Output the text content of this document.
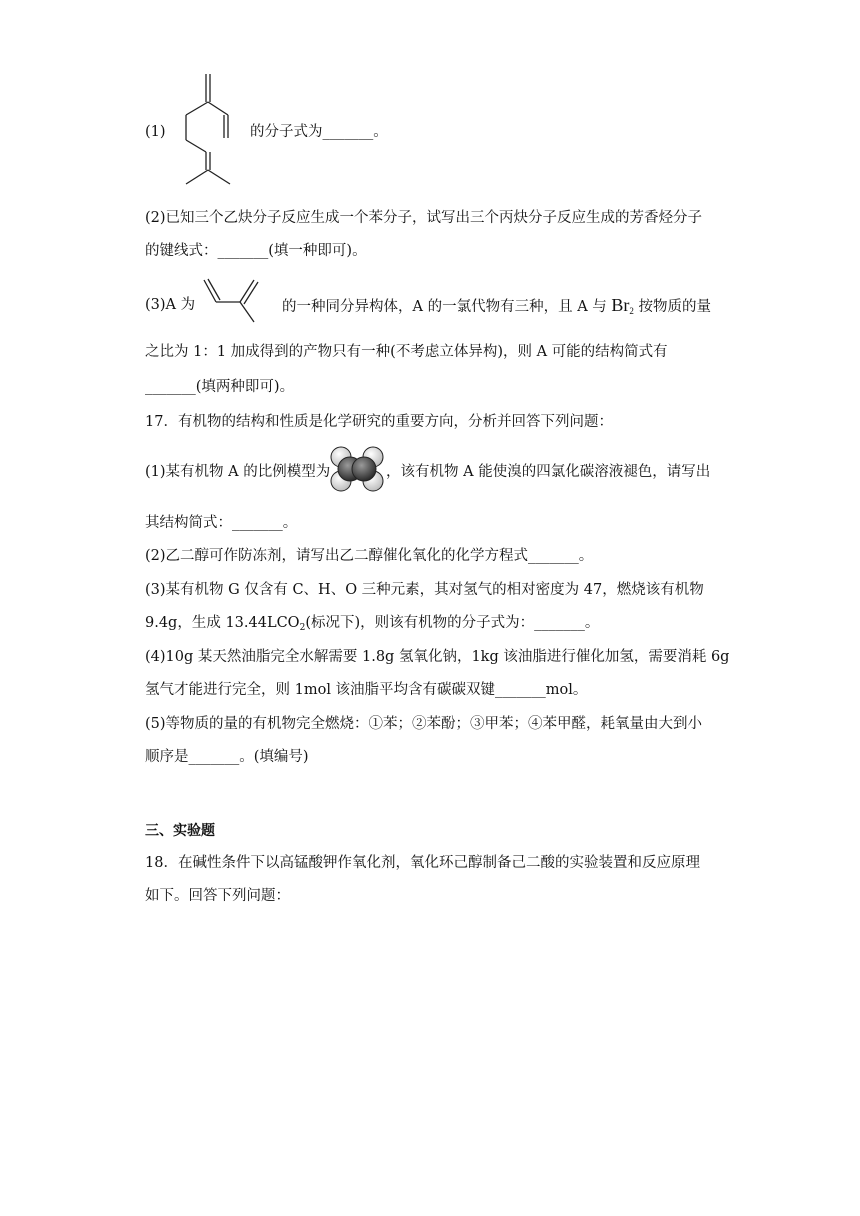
(1)	的分子式为_______。
(2)已知三个乙炔分子反应生成一个苯分子，试写出三个丙炔分子反应生成的芳香烃分子
的键线式：_______(填一种即可)。
(3)A 为	的一种同分异构体，A 的一氯代物有三种，且 A 与 $Br_2$ 按物质的量
之比为 1：1 加成得到的产物只有一种(不考虑立体异构)，则 A 可能的结构简式有
_______(填两种即可)。
17．有机物的结构和性质是化学研究的重要方向，分析并回答下列问题：
(1)某有机物 A 的比例模型为	，该有机物 A 能使溴的四氯化碳溶液褪色，请写出
其结构简式：_______。
(2)乙二醇可作防冻剂，请写出乙二醇催化氧化的化学方程式_______。
(3)某有机物 G 仅含有 C、H、O 三种元素，其对氢气的相对密度为 47，燃烧该有机物
9.4g，生成 $13.44LCO_2$(标况下)，则该有机物的分子式为：_______。
(4)10g 某天然油脂完全水解需要 1.8g 氢氧化钠，1kg 该油脂进行催化加氢，需要消耗 6g
氢气才能进行完全，则 1mol 该油脂平均含有碳碳双键_______mol。
(5)等物质的量的有机物完全燃烧：①苯；②苯酚；③甲苯；④苯甲醛，耗氧量由大到小
顺序是_______。(填编号)
三、实验题
18．在碱性条件下以高锰酸钾作氧化剂，氧化环己醇制备己二酸的实验装置和反应原理
如下。回答下列问题：
